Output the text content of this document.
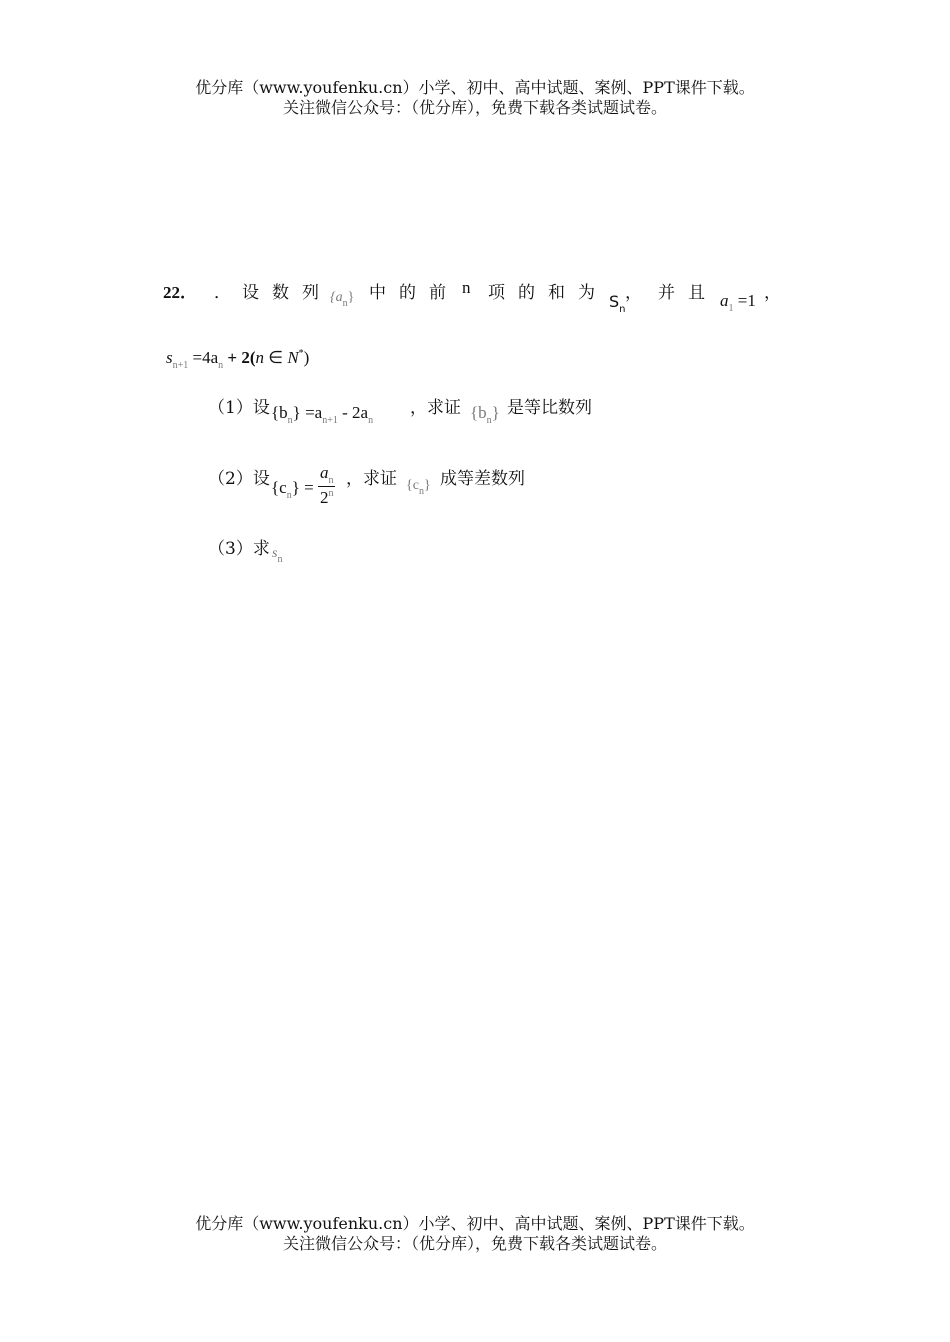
优分库（www.youfenku.cn）小学、初中、高中试题、案例、PPT课件下载。
关注微信公众号：（优分库），免费下载各类试题试卷。
22． ． 设数列
$\{a_n\}$ 中的前 n 项的和为 $S_n$
， 并且 $a_1 =1$ ，
$s_{n+1} =4a_n + 2(n$ ∈ N*)
（1）设 $\{b_n\} =a_{n+1} - 2a_n$
，求证 $\{b_n\}$ 是等比数列
（2）设 $\{c_n\} = \frac{a_n}{2^n}$ ，求证 $\{c_n\}$ 成等差数列
（3）求 $s_n$
优分库（www.youfenku.cn）小学、初中、高中试题、案例、PPT课件下载。
关注微信公众号：（优分库），免费下载各类试题试卷。
